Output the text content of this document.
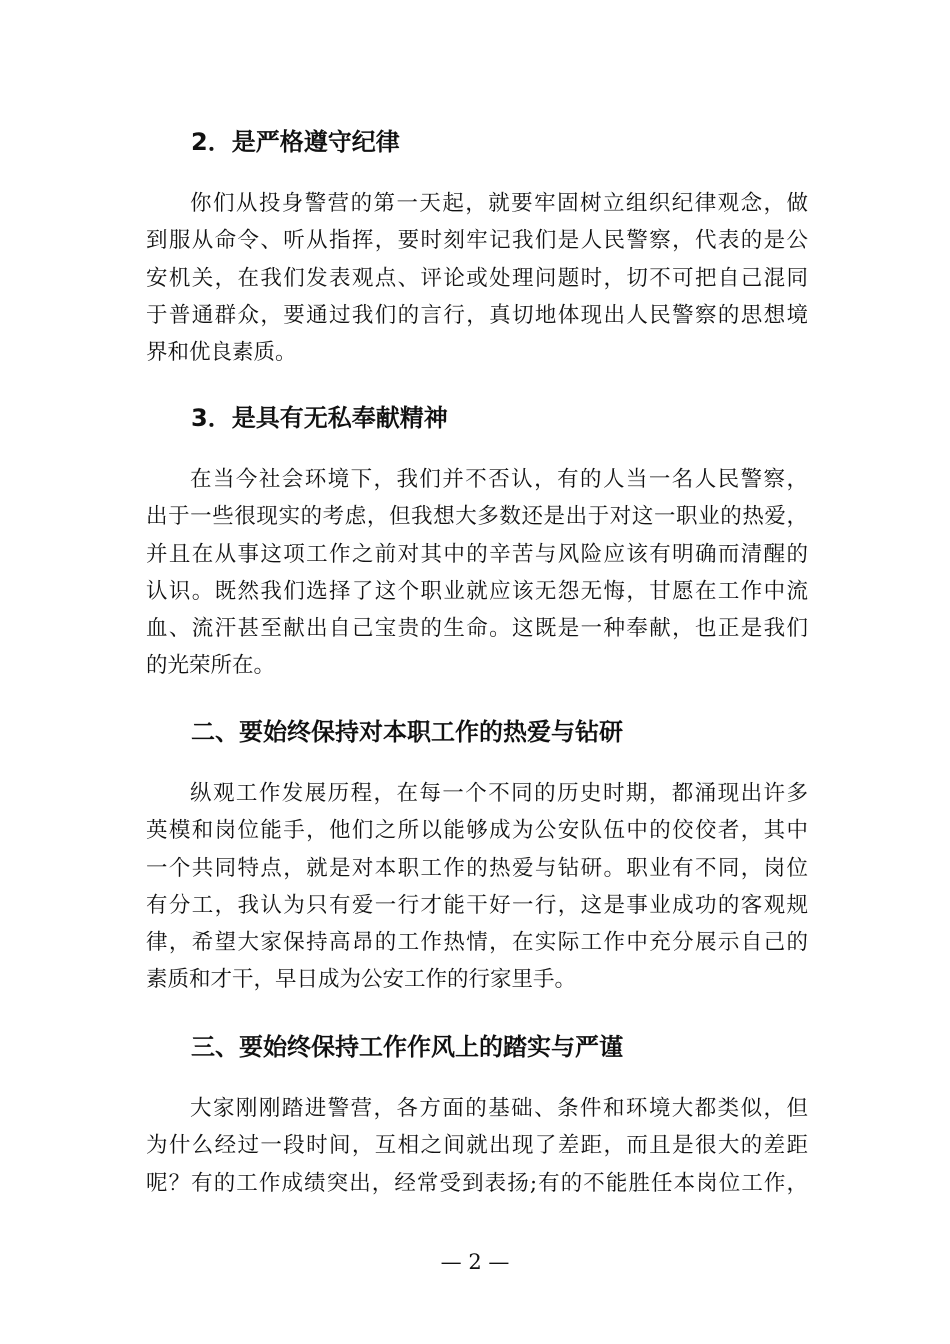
2．是严格遵守纪律

你们从投身警营的第一天起，就要牢固树立组织纪律观念，做
到服从命令、听从指挥，要时刻牢记我们是人民警察，代表的是公
安机关，在我们发表观点、评论或处理问题时，切不可把自己混同
于普通群众，要通过我们的言行，真切地体现出人民警察的思想境
界和优良素质。

3．是具有无私奉献精神

在当今社会环境下，我们并不否认，有的人当一名人民警察，
出于一些很现实的考虑，但我想大多数还是出于对这一职业的热爱，
并且在从事这项工作之前对其中的辛苦与风险应该有明确而清醒的
认识。既然我们选择了这个职业就应该无怨无悔，甘愿在工作中流
血、流汗甚至献出自己宝贵的生命。这既是一种奉献，也正是我们
的光荣所在。

二、要始终保持对本职工作的热爱与钻研

纵观工作发展历程，在每一个不同的历史时期，都涌现出许多
英模和岗位能手，他们之所以能够成为公安队伍中的佼佼者，其中
一个共同特点，就是对本职工作的热爱与钻研。职业有不同，岗位
有分工，我认为只有爱一行才能干好一行，这是事业成功的客观规
律，希望大家保持高昂的工作热情，在实际工作中充分展示自己的
素质和才干，早日成为公安工作的行家里手。

三、要始终保持工作作风上的踏实与严谨

大家刚刚踏进警营，各方面的基础、条件和环境大都类似，但
为什么经过一段时间，互相之间就出现了差距，而且是很大的差距
呢？有的工作成绩突出，经常受到表扬;有的不能胜任本岗位工作，

— 2 —
